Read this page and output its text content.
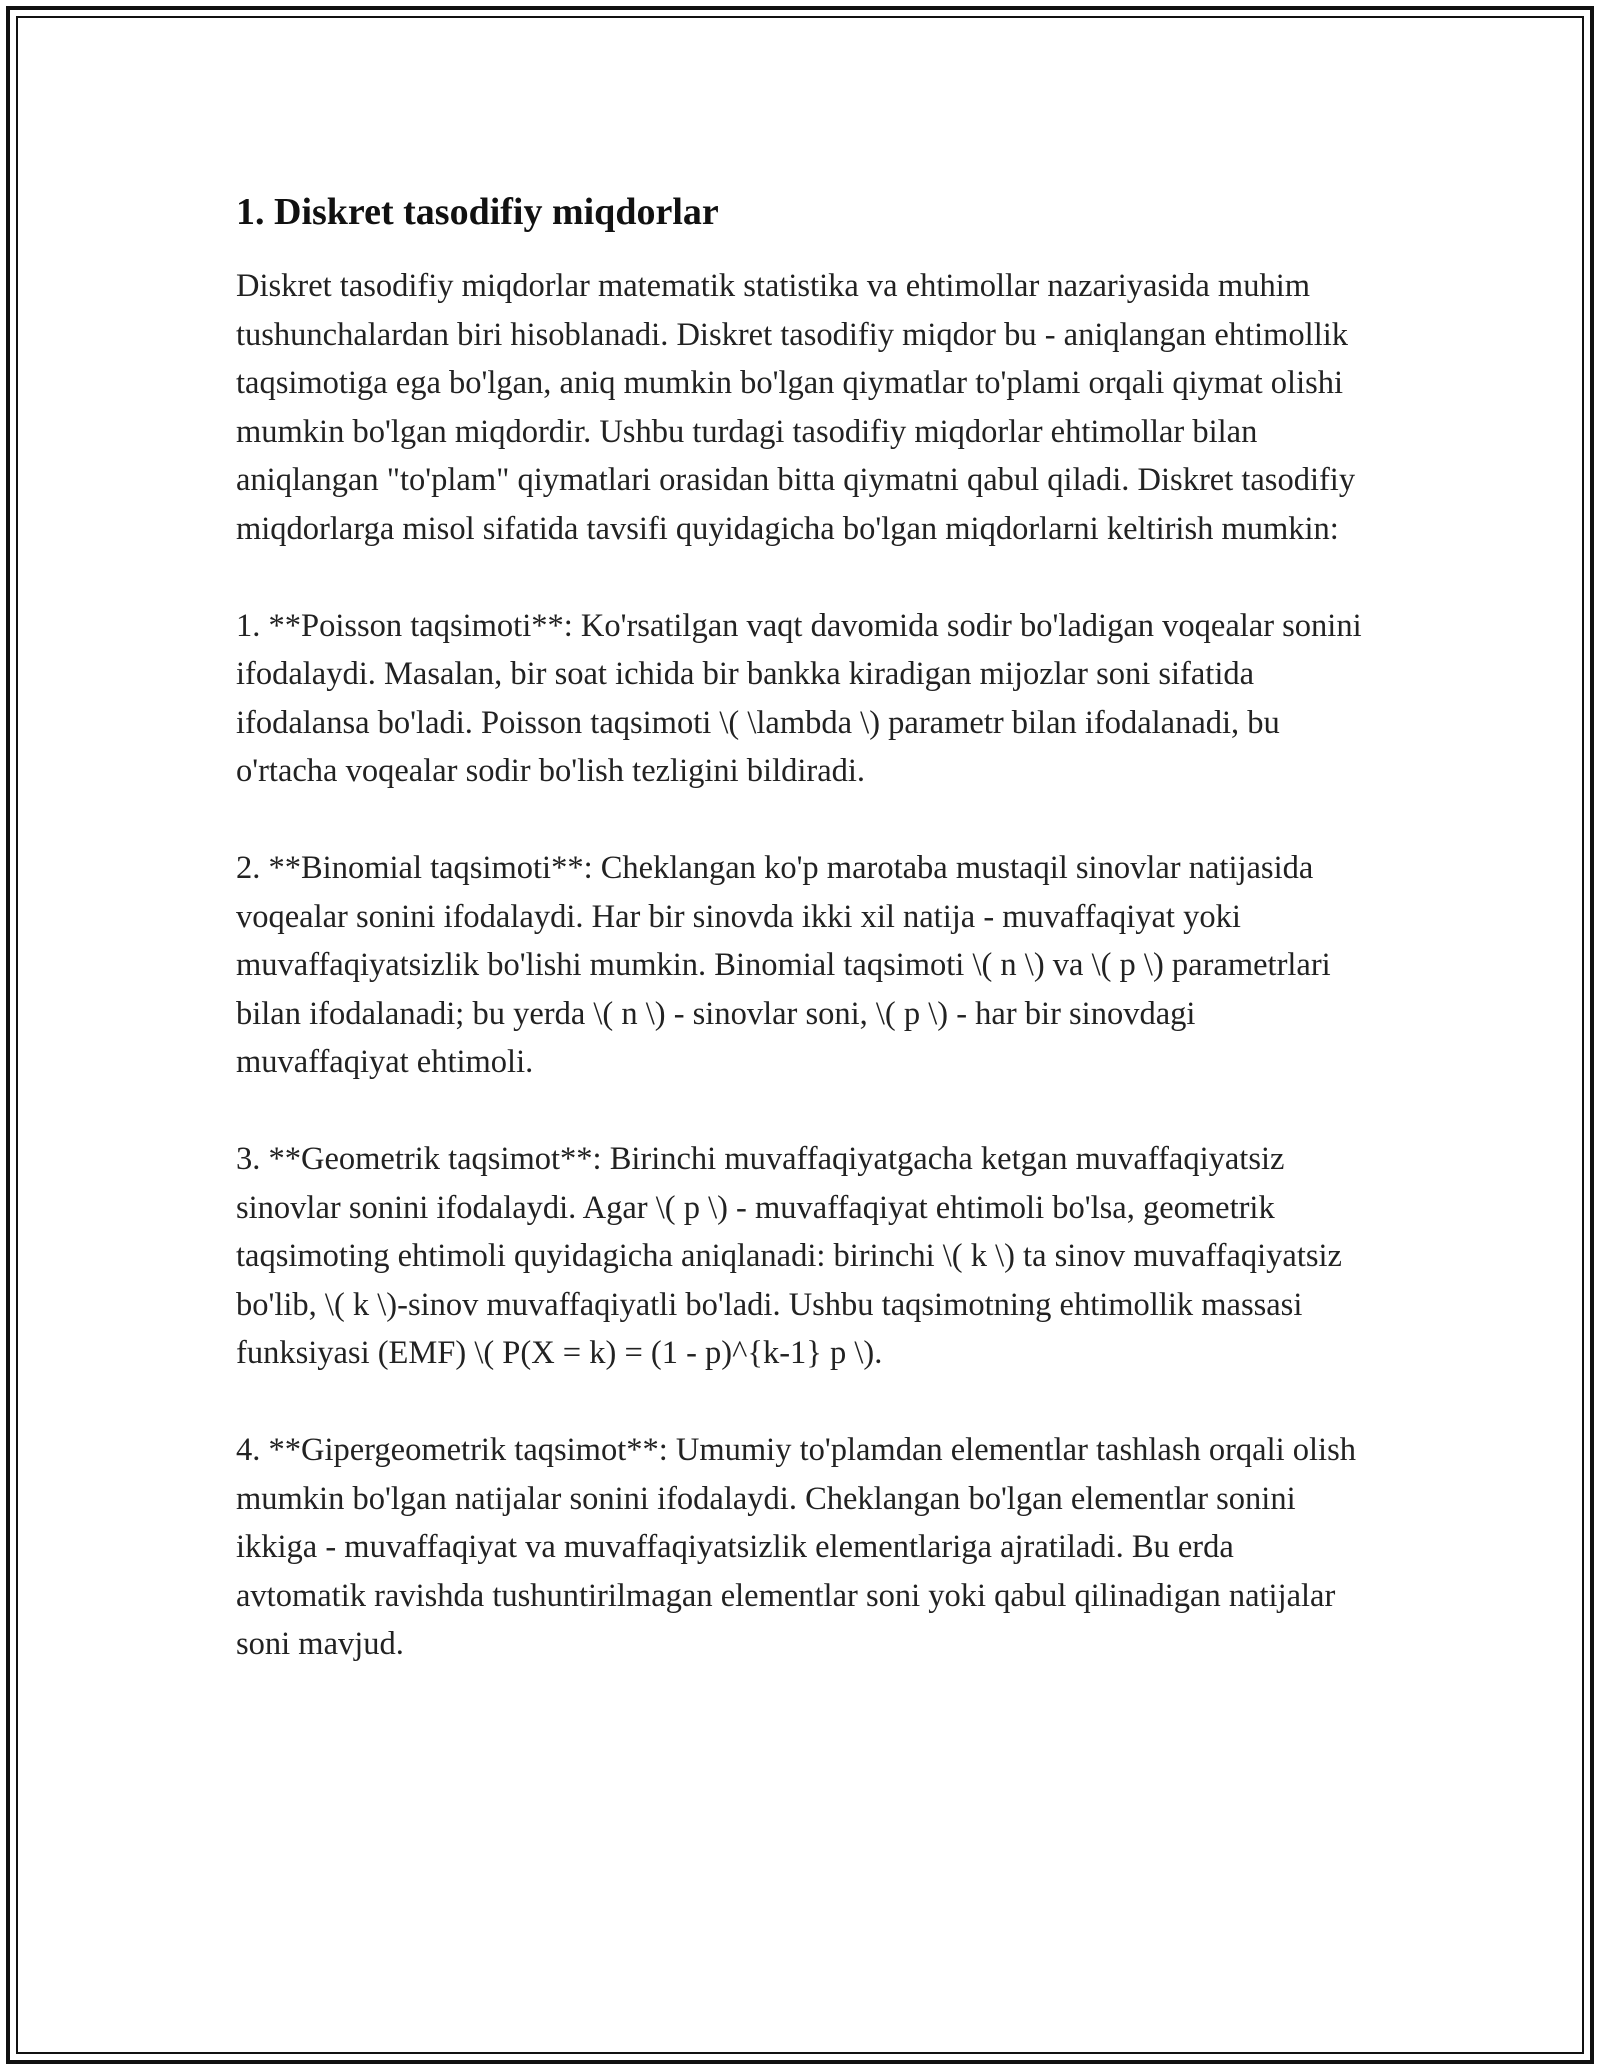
1. Diskret tasodifiy miqdorlar

Diskret tasodifiy miqdorlar matematik statistika va ehtimollar nazariyasida muhim tushunchalardan biri hisoblanadi. Diskret tasodifiy miqdor bu - aniqlangan ehtimollik taqsimotiga ega bo'lgan, aniq mumkin bo'lgan qiymatlar to'plami orqali qiymat olishi mumkin bo'lgan miqdordir. Ushbu turdagi tasodifiy miqdorlar ehtimollar bilan aniqlangan "to'plam" qiymatlari orasidan bitta qiymatni qabul qiladi. Diskret tasodifiy miqdorlarga misol sifatida tavsifi quyidagicha bo'lgan miqdorlarni keltirish mumkin:

1. **Poisson taqsimoti**: Ko'rsatilgan vaqt davomida sodir bo'ladigan voqealar sonini ifodalaydi. Masalan, bir soat ichida bir bankka kiradigan mijozlar soni sifatida ifodalansa bo'ladi. Poisson taqsimoti \( \lambda \) parametr bilan ifodalanadi, bu o'rtacha voqealar sodir bo'lish tezligini bildiradi.

2. **Binomial taqsimoti**: Cheklangan ko'p marotaba mustaqil sinovlar natijasida voqealar sonini ifodalaydi. Har bir sinovda ikki xil natija - muvaffaqiyat yoki muvaffaqiyatsizlik bo'lishi mumkin. Binomial taqsimoti \( n \) va \( p \) parametrlari bilan ifodalanadi; bu yerda \( n \) - sinovlar soni, \( p \) - har bir sinovdagi muvaffaqiyat ehtimoli.

3. **Geometrik taqsimot**: Birinchi muvaffaqiyatgacha ketgan muvaffaqiyatsiz sinovlar sonini ifodalaydi. Agar \( p \) - muvaffaqiyat ehtimoli bo'lsa, geometrik taqsimoting ehtimoli quyidagicha aniqlanadi: birinchi \( k \) ta sinov muvaffaqiyatsiz bo'lib, \( k \)-sinov muvaffaqiyatli bo'ladi. Ushbu taqsimotning ehtimollik massasi funksiyasi (EMF) \( P(X = k) = (1 - p)^{k-1} p \).

4. **Gipergeometrik taqsimot**: Umumiy to'plamdan elementlar tashlash orqali olish mumkin bo'lgan natijalar sonini ifodalaydi. Cheklangan bo'lgan elementlar sonini ikkiga - muvaffaqiyat va muvaffaqiyatsizlik elementlariga ajratiladi. Bu erda avtomatik ravishda tushuntirilmagan elementlar soni yoki qabul qilinadigan natijalar soni mavjud.
